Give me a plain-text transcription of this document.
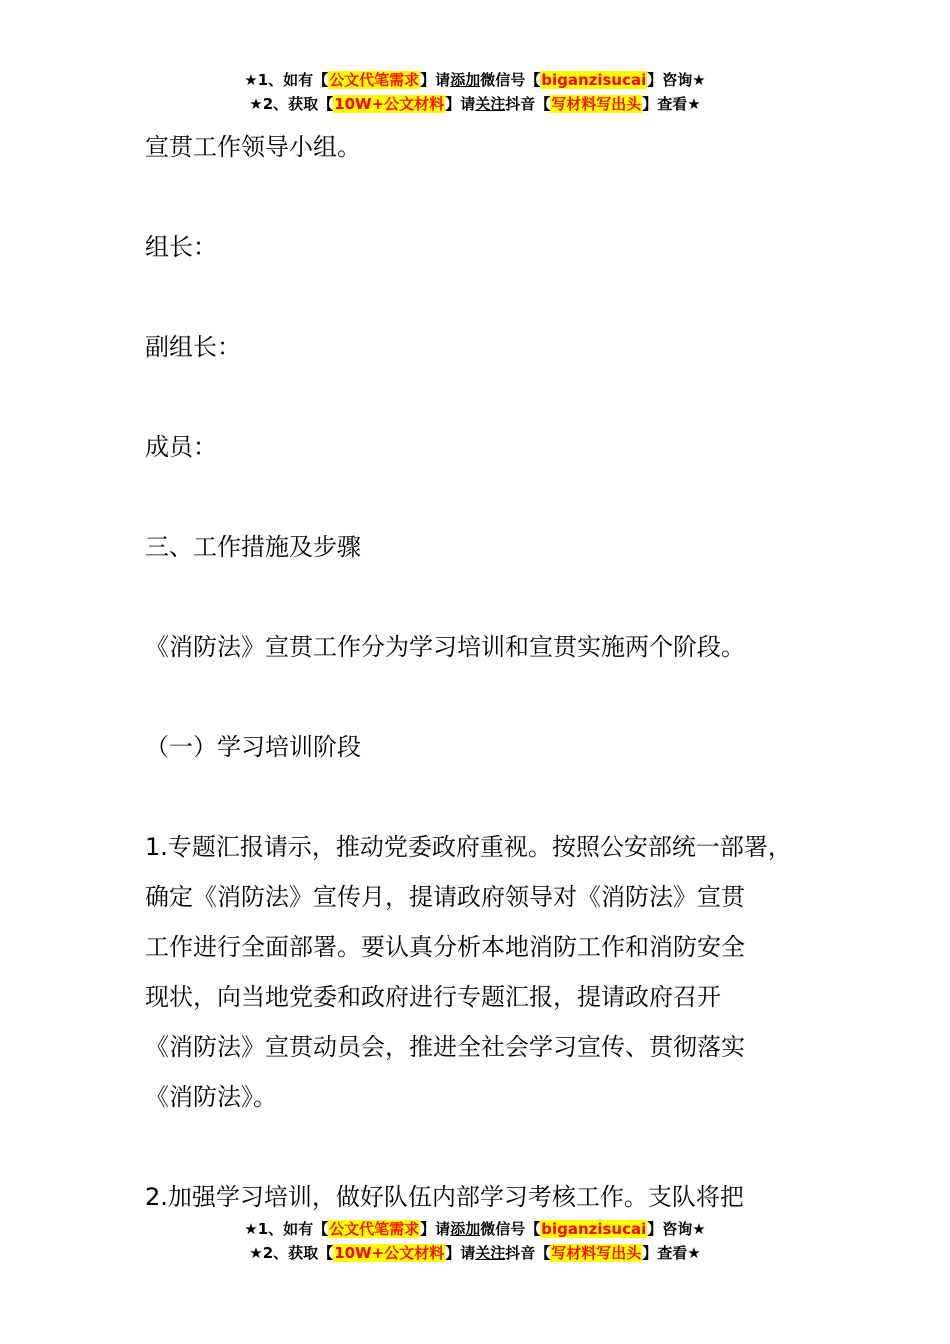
★1、如有【公文代笔需求】请添加微信号【biganzisucai】咨询★
★2、获取【10W+公文材料】请关注抖音【写材料写出头】查看★

宣贯工作领导小组。

组长：

副组长：

成员：

三、工作措施及步骤

《消防法》宣贯工作分为学习培训和宣贯实施两个阶段。

（一）学习培训阶段

1.专题汇报请示，推动党委政府重视。按照公安部统一部署，

确定《消防法》宣传月，提请政府领导对《消防法》宣贯

工作进行全面部署。要认真分析本地消防工作和消防安全

现状，向当地党委和政府进行专题汇报，提请政府召开

《消防法》宣贯动员会，推进全社会学习宣传、贯彻落实

《消防法》。

2.加强学习培训，做好队伍内部学习考核工作。支队将把

★1、如有【公文代笔需求】请添加微信号【biganzisucai】咨询★
★2、获取【10W+公文材料】请关注抖音【写材料写出头】查看★
